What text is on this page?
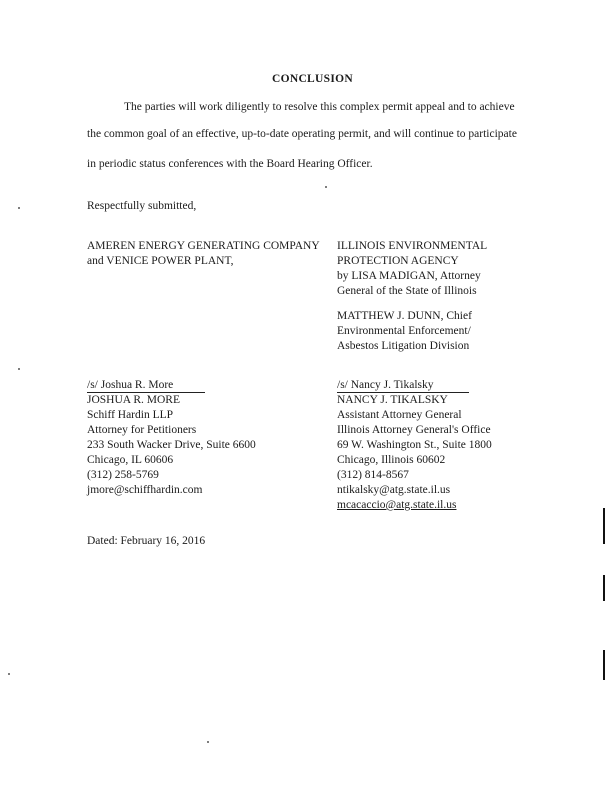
CONCLUSION
The parties will work diligently to resolve this complex permit appeal and to achieve
the common goal of an effective, up-to-date operating permit, and will continue to participate
in periodic status conferences with the Board Hearing Officer.
Respectfully submitted,
AMEREN ENERGY GENERATING COMPANY
and VENICE POWER PLANT,
ILLINOIS ENVIRONMENTAL
PROTECTION AGENCY
by LISA MADIGAN, Attorney
General of the State of Illinois
MATTHEW J. DUNN, Chief
Environmental Enforcement/
Asbestos Litigation Division
/s/ Joshua R. More
JOSHUA R. MORE
Schiff Hardin LLP
Attorney for Petitioners
233 South Wacker Drive, Suite 6600
Chicago, IL 60606
(312) 258-5769
jmore@schiffhardin.com
/s/ Nancy J. Tikalsky
NANCY J. TIKALSKY
Assistant Attorney General
Illinois Attorney General's Office
69 W. Washington St., Suite 1800
Chicago, Illinois 60602
(312) 814-8567
ntikalsky@atg.state.il.us
mcacaccio@atg.state.il.us
Dated: February 16, 2016
